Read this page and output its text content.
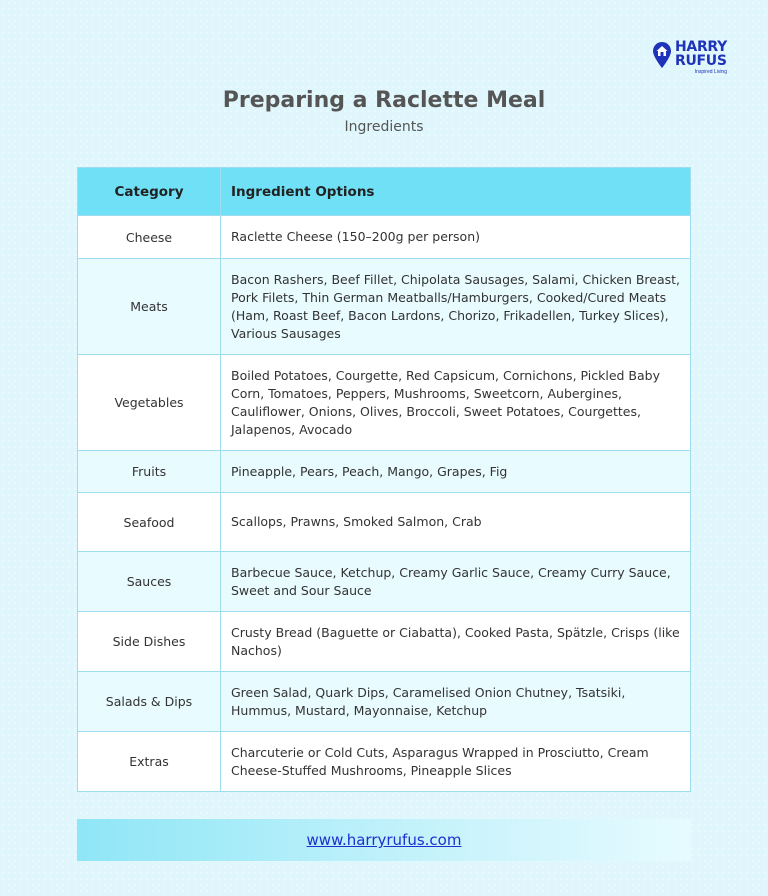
HARRY
RUFUS
Inspired Living
Preparing a Raclette Meal
Ingredients
Category	Ingredient Options
Cheese	Raclette Cheese (150–200g per person)
Meats	Bacon Rashers, Beef Fillet, Chipolata Sausages, Salami, Chicken Breast, Pork Filets, Thin German Meatballs/Hamburgers, Cooked/Cured Meats (Ham, Roast Beef, Bacon Lardons, Chorizo, Frikadellen, Turkey Slices), Various Sausages
Vegetables	Boiled Potatoes, Courgette, Red Capsicum, Cornichons, Pickled Baby Corn, Tomatoes, Peppers, Mushrooms, Sweetcorn, Aubergines, Cauliflower, Onions, Olives, Broccoli, Sweet Potatoes, Courgettes, Jalapenos, Avocado
Fruits	Pineapple, Pears, Peach, Mango, Grapes, Fig
Seafood	Scallops, Prawns, Smoked Salmon, Crab
Sauces	Barbecue Sauce, Ketchup, Creamy Garlic Sauce, Creamy Curry Sauce, Sweet and Sour Sauce
Side Dishes	Crusty Bread (Baguette or Ciabatta), Cooked Pasta, Spätzle, Crisps (like Nachos)
Salads & Dips	Green Salad, Quark Dips, Caramelised Onion Chutney, Tsatsiki, Hummus, Mustard, Mayonnaise, Ketchup
Extras	Charcuterie or Cold Cuts, Asparagus Wrapped in Prosciutto, Cream Cheese-Stuffed Mushrooms, Pineapple Slices
www.harryrufus.com
